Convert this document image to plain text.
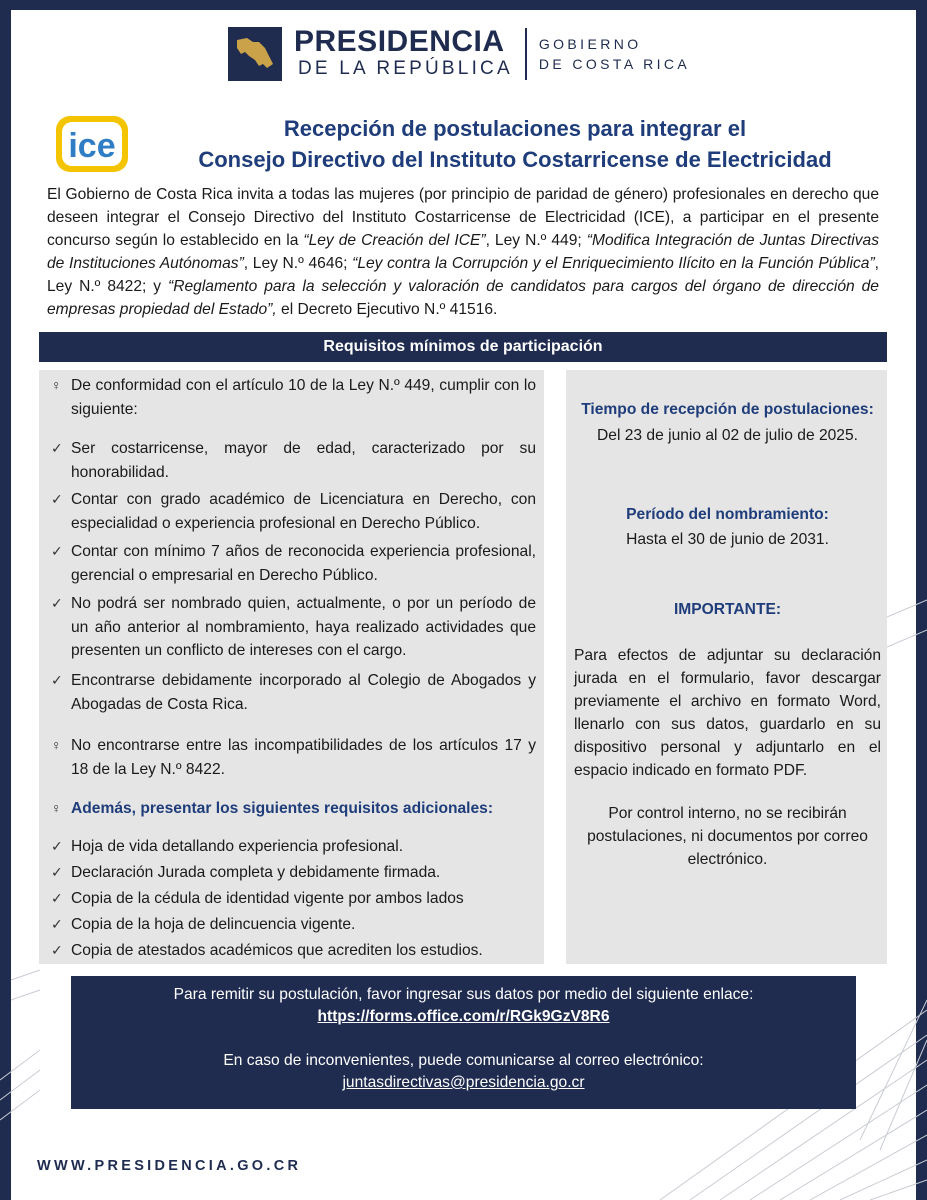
PRESIDENCIA
DE LA REPÚBLICA
GOBIERNO
DE COSTA RICA
ice	Recepción de postulaciones para integrar el
Consejo Directivo del Instituto Costarricense de Electricidad
El Gobierno de Costa Rica invita a todas las mujeres (por principio de paridad de género) profesionales en derecho que deseen integrar el Consejo Directivo del Instituto Costarricense de Electricidad (ICE), a participar en el presente concurso según lo establecido en la “Ley de Creación del ICE”, Ley N.º 449; “Modifica Integración de Juntas Directivas de Instituciones Autónomas”, Ley N.º 4646; “Ley contra la Corrupción y el Enriquecimiento Ilícito en la Función Pública”, Ley N.º 8422; y “Reglamento para la selección y valoración de candidatos para cargos del órgano de dirección de empresas propiedad del Estado”, el Decreto Ejecutivo N.º 41516.
Requisitos mínimos de participación
♀ De conformidad con el artículo 10 de la Ley N.º 449, cumplir con lo siguiente:
✓ Ser costarricense, mayor de edad, caracterizado por su honorabilidad.
✓ Contar con grado académico de Licenciatura en Derecho, con especialidad o experiencia profesional en Derecho Público.
✓ Contar con mínimo 7 años de reconocida experiencia profesional, gerencial o empresarial en Derecho Público.
✓ No podrá ser nombrado quien, actualmente, o por un período de un año anterior al nombramiento, haya realizado actividades que presenten un conflicto de intereses con el cargo.
✓ Encontrarse debidamente incorporado al Colegio de Abogados y Abogadas de Costa Rica.
♀ No encontrarse entre las incompatibilidades de los artículos 17 y 18 de la Ley N.º 8422.
♀ Además, presentar los siguientes requisitos adicionales:
✓ Hoja de vida detallando experiencia profesional.
✓ Declaración Jurada completa y debidamente firmada.
✓ Copia de la cédula de identidad vigente por ambos lados
✓ Copia de la hoja de delincuencia vigente.
✓ Copia de atestados académicos que acrediten los estudios.
Tiempo de recepción de postulaciones:
Del 23 de junio al 02 de julio de 2025.
Período del nombramiento:
Hasta el 30 de junio de 2031.
IMPORTANTE:
Para efectos de adjuntar su declaración jurada en el formulario, favor descargar previamente el archivo en formato Word, llenarlo con sus datos, guardarlo en su dispositivo personal y adjuntarlo en el espacio indicado en formato PDF.
Por control interno, no se recibirán postulaciones, ni documentos por correo electrónico.
Para remitir su postulación, favor ingresar sus datos por medio del siguiente enlace:
https://forms.office.com/r/RGk9GzV8R6
En caso de inconvenientes, puede comunicarse al correo electrónico:
juntasdirectivas@presidencia.go.cr
WWW.PRESIDENCIA.GO.CR
